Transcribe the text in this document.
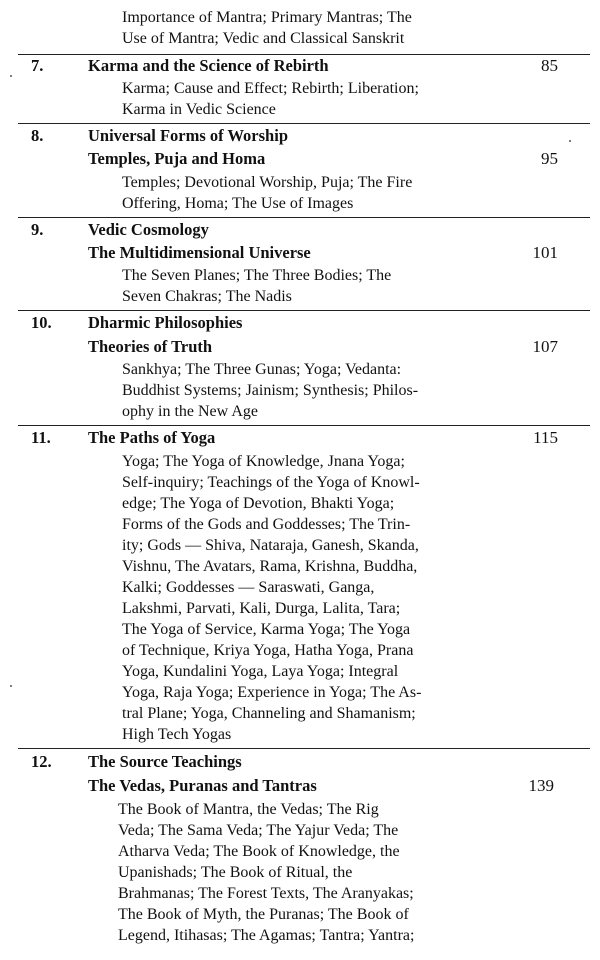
Importance of Mantra; Primary Mantras; The
Use of Mantra; Vedic and Classical Sanskrit
7.	Karma and the Science of Rebirth	85
Karma; Cause and Effect; Rebirth; Liberation;
Karma in Vedic Science
8.	Universal Forms of Worship
Temples, Puja and Homa	95
Temples; Devotional Worship, Puja; The Fire
Offering, Homa; The Use of Images
9.	Vedic Cosmology
The Multidimensional Universe	101
The Seven Planes; The Three Bodies; The
Seven Chakras; The Nadis
10. Dharmic Philosophies
Theories of Truth	107
Sankhya; The Three Gunas; Yoga; Vedanta:
Buddhist Systems; Jainism; Synthesis; Philos-
ophy in the New Age
11. The Paths of Yoga	115
Yoga; The Yoga of Knowledge, Jnana Yoga;
Self-inquiry; Teachings of the Yoga of Knowl-
edge; The Yoga of Devotion, Bhakti Yoga;
Forms of the Gods and Goddesses; The Trin-
ity; Gods — Shiva, Nataraja, Ganesh, Skanda,
Vishnu, The Avatars, Rama, Krishna, Buddha,
Kalki; Goddesses — Saraswati, Ganga,
Lakshmi, Parvati, Kali, Durga, Lalita, Tara;
The Yoga of Service, Karma Yoga; The Yoga
of Technique, Kriya Yoga, Hatha Yoga, Prana
Yoga, Kundalini Yoga, Laya Yoga; Integral
Yoga, Raja Yoga; Experience in Yoga; The As-
tral Plane; Yoga, Channeling and Shamanism;
High Tech Yogas
12. The Source Teachings
The Vedas, Puranas and Tantras	139
The Book of Mantra, the Vedas; The Rig
Veda; The Sama Veda; The Yajur Veda; The
Atharva Veda; The Book of Knowledge, the
Upanishads; The Book of Ritual, the
Brahmanas; The Forest Texts, The Aranyakas;
The Book of Myth, the Puranas; The Book of
Legend, Itihasas; The Agamas; Tantra; Yantra;
